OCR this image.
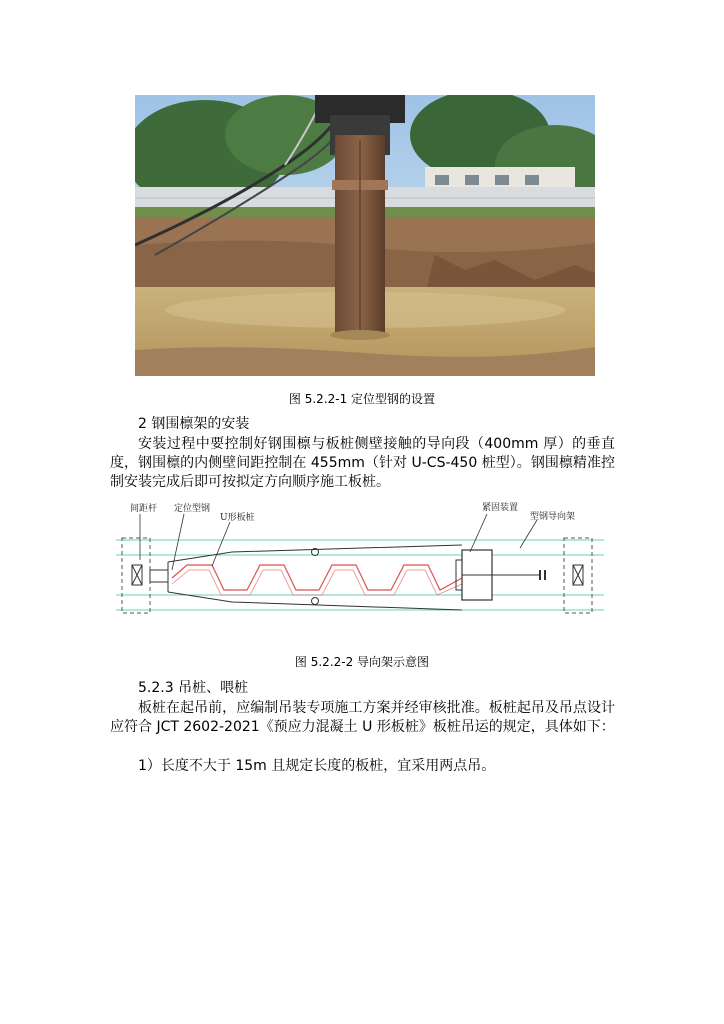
图 5.2.2-1 定位型钢的设置
2 钢围檩架的安装
安装过程中要控制好钢围檩与板桩侧壁接触的导向段（400mm 厚）的垂直度，钢围檩的内侧壁间距控制在 455mm（针对 U-CS-450 桩型）。钢围檩精准控制安装完成后即可按拟定方向顺序施工板桩。
间距杆 定位型钢
U形板桩
紧固装置
型钢导向架
图 5.2.2-2 导向架示意图
5.2.3 吊桩、喂桩
板桩在起吊前，应编制吊装专项施工方案并经审核批准。板桩起吊及吊点设计应符合 JCT 2602-2021《预应力混凝土 U 形板桩》板桩吊运的规定，具体如下：
1）长度不大于 15m 且规定长度的板桩，宜采用两点吊。
